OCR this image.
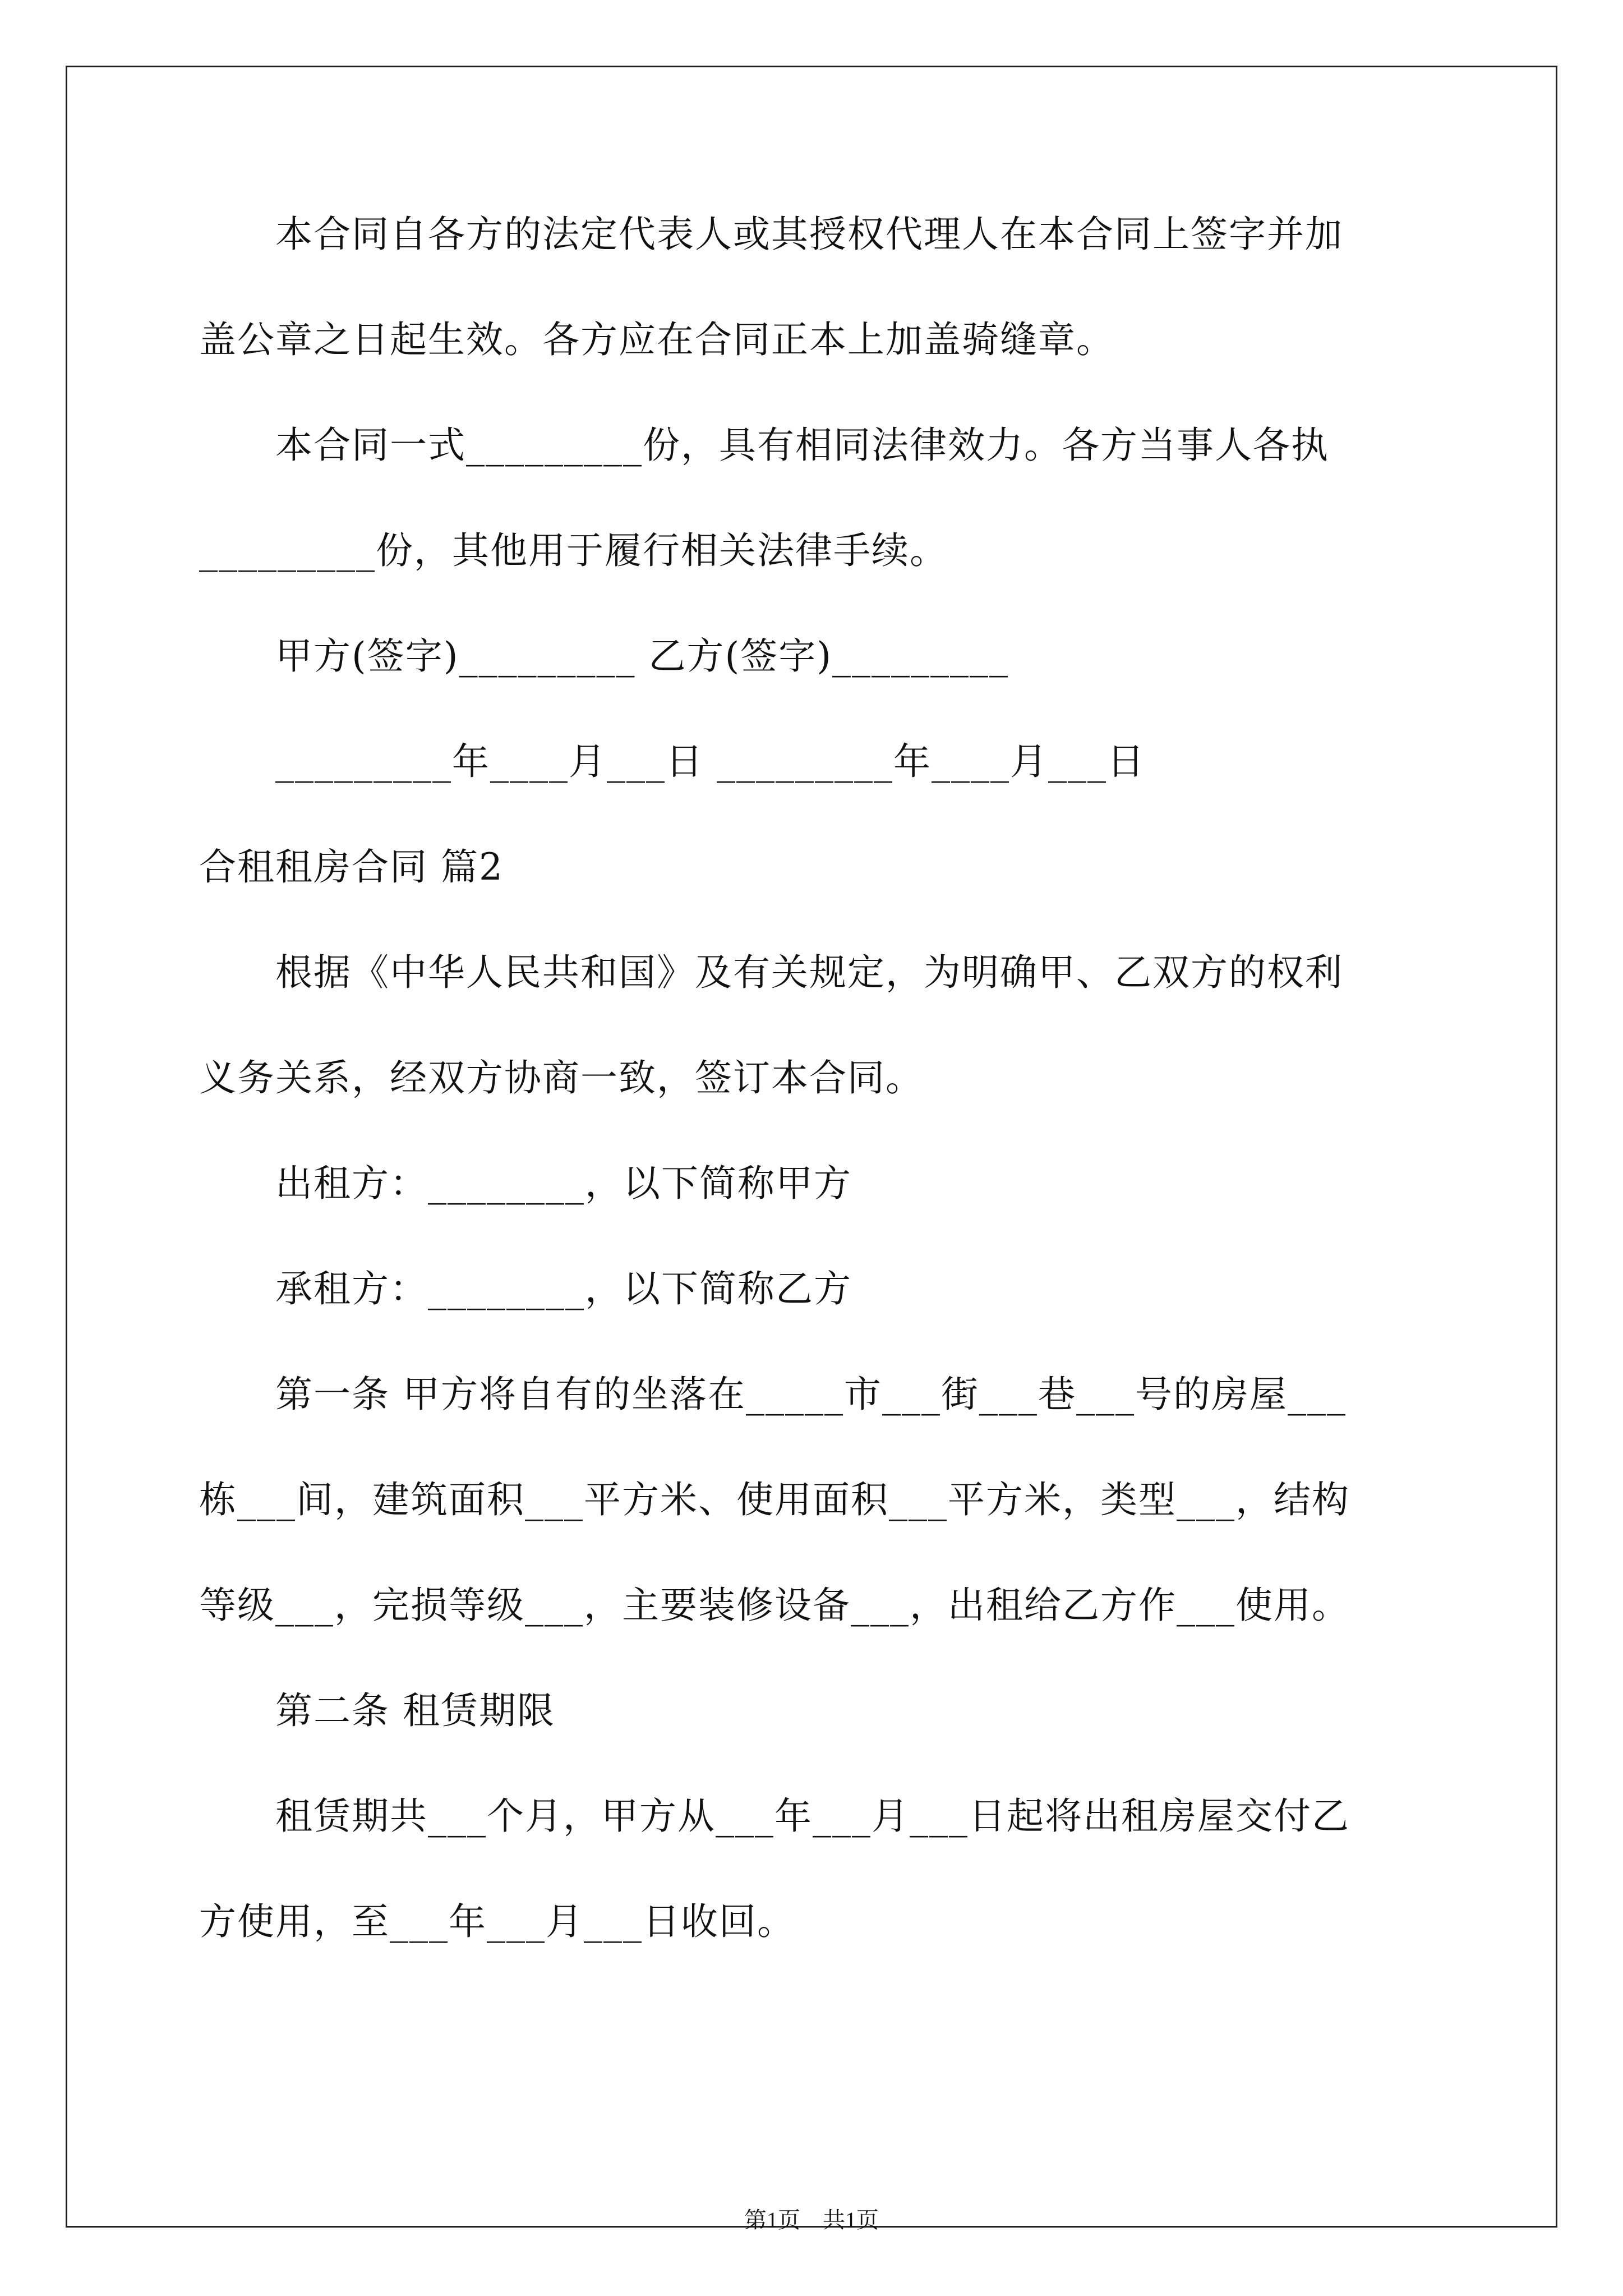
　　本合同自各方的法定代表人或其授权代理人在本合同上签字并加
盖公章之日起生效。各方应在合同正本上加盖骑缝章。
　　本合同一式_________份，具有相同法律效力。各方当事人各执
_________份，其他用于履行相关法律手续。
　　甲方(签字)_________ 乙方(签字)_________
　　_________年____月___日 _________年____月___日
合租租房合同 篇2
　　根据《中华人民共和国》及有关规定，为明确甲、乙双方的权利
义务关系，经双方协商一致，签订本合同。
　　出租方：________，以下简称甲方
　　承租方：________，以下简称乙方
　　第一条 甲方将自有的坐落在_____市___街___巷___号的房屋___
栋___间，建筑面积___平方米、使用面积___平方米，类型___，结构
等级___，完损等级___，主要装修设备___，出租给乙方作___使用。
　　第二条 租赁期限
　　租赁期共___个月，甲方从___年___月___日起将出租房屋交付乙
方使用，至___年___月___日收回。
第1页　共1页
